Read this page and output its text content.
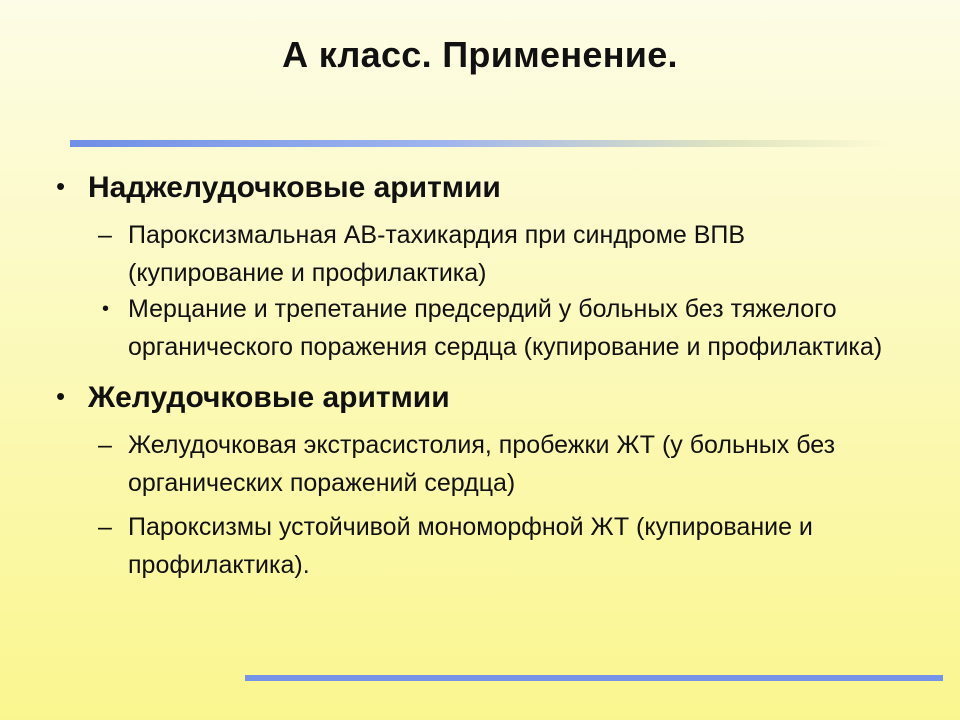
А класс. Применение.
• Наджелудочковые аритмии
– Пароксизмальная АВ-тахикардия при синдроме ВПВ
(купирование и профилактика)
• Мерцание и трепетание предсердий у больных без тяжелого
органического поражения сердца (купирование и профилактика)
• Желудочковые аритмии
– Желудочковая экстрасистолия, пробежки ЖТ (у больных без
органических поражений сердца)
– Пароксизмы устойчивой мономорфной ЖТ (купирование и
профилактика).
